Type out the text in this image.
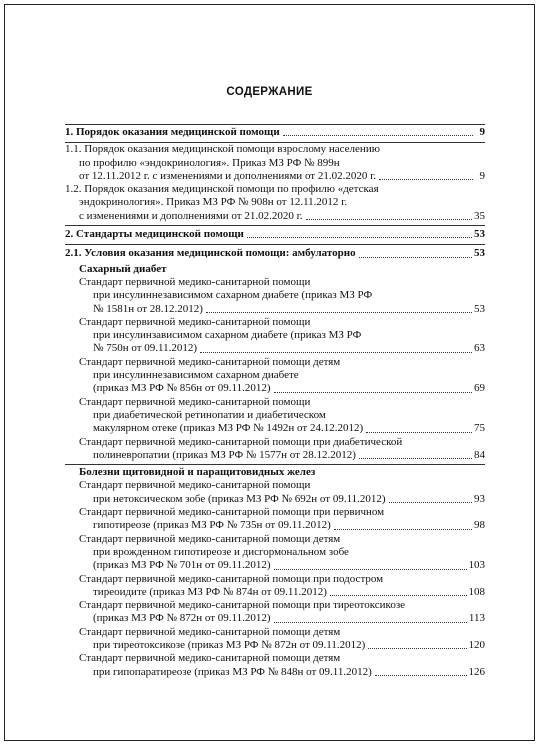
СОДЕРЖАНИЕ
1. Порядок оказания медицинской помощи	9
1.1. Порядок оказания медицинской помощи взрослому населению
по профилю «эндокринология». Приказ МЗ РФ № 899н
от 12.11.2012 г. с изменениями и дополнениями от 21.02.2020 г.	9
1.2. Порядок оказания медицинской помощи по профилю «детская
эндокринология». Приказ МЗ РФ № 908н от 12.11.2012 г.
с изменениями и дополнениями от 21.02.2020 г.	35
2. Стандарты медицинской помощи	53
2.1. Условия оказания медицинской помощи: амбулаторно	53
Сахарный диабет
Стандарт первичной медико-санитарной помощи
при инсулиннезависимом сахарном диабете (приказ МЗ РФ
№ 1581н от 28.12.2012)	53
Стандарт первичной медико-санитарной помощи
при инсулинзависимом сахарном диабете (приказ МЗ РФ
№ 750н от 09.11.2012)	63
Стандарт первичной медико-санитарной помощи детям
при инсулиннезависимом сахарном диабете
(приказ МЗ РФ № 856н от 09.11.2012)	69
Стандарт первичной медико-санитарной помощи
при диабетической ретинопатии и диабетическом
макулярном отеке (приказ МЗ РФ № 1492н от 24.12.2012)	75
Стандарт первичной медико-санитарной помощи при диабетической
полиневропатии (приказ МЗ РФ № 1577н от 28.12.2012)	84
Болезни щитовидной и паращитовидных желез
Стандарт первичной медико-санитарной помощи
при нетоксическом зобе (приказ МЗ РФ № 692н от 09.11.2012)	93
Стандарт первичной медико-санитарной помощи при первичном
гипотиреозе (приказ МЗ РФ № 735н от 09.11.2012)	98
Стандарт первичной медико-санитарной помощи детям
при врожденном гипотиреозе и дисгормональном зобе
(приказ МЗ РФ № 701н от 09.11.2012)	103
Стандарт первичной медико-санитарной помощи при подостром
тиреоидите (приказ МЗ РФ № 874н от 09.11.2012)	108
Стандарт первичной медико-санитарной помощи при тиреотоксикозе
(приказ МЗ РФ № 872н от 09.11.2012)	113
Стандарт первичной медико-санитарной помощи детям
при тиреотоксикозе (приказ МЗ РФ № 872н от 09.11.2012)	120
Стандарт первичной медико-санитарной помощи детям
при гипопаратиреозе (приказ МЗ РФ № 848н от 09.11.2012)	126
